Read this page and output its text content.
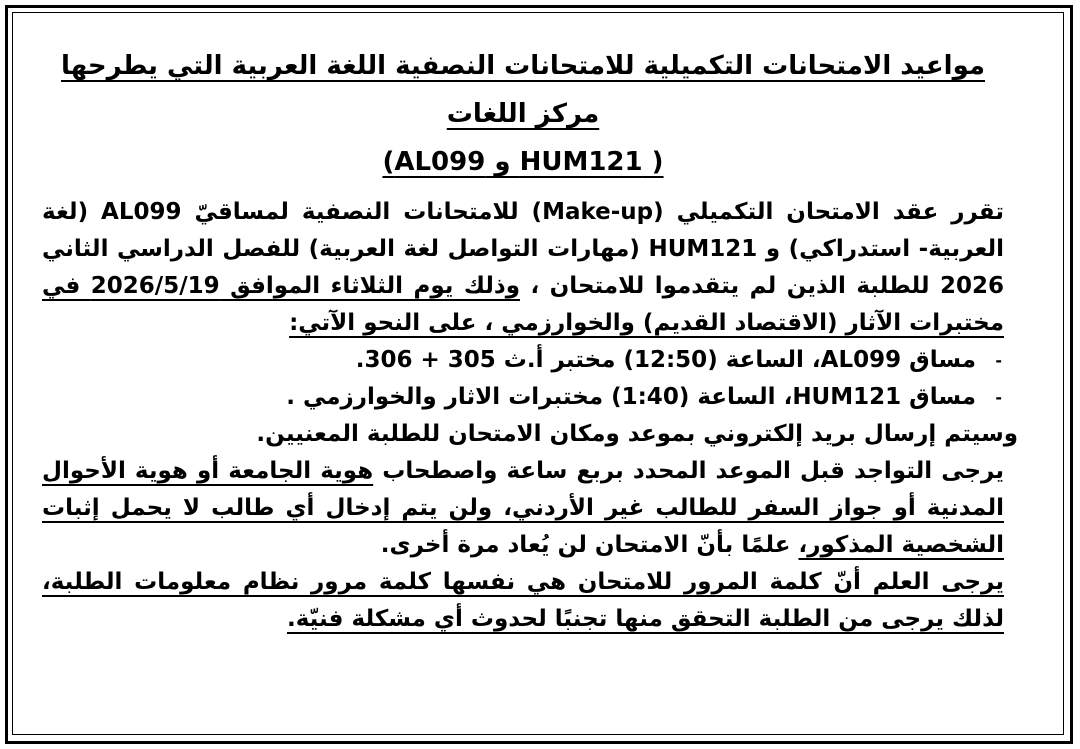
مواعيد الامتحانات التكميلية للامتحانات النصفية اللغة العربية التي يطرحها مركز اللغات
( HUM121 و AL099)

تقرر عقد الامتحان التكميلي (Make-up) للامتحانات النصفية لمساقيّ AL099 (لغة العربية- استدراكي) و HUM121 (مهارات التواصل لغة العربية) للفصل الدراسي الثاني 2026 للطلبة الذين لم يتقدموا للامتحان ، وذلك يوم الثلاثاء الموافق 2026/5/19 في مختبرات الآثار (الاقتصاد القديم) والخوارزمي ، على النحو الآتي:

-
مساق AL099، الساعة (12:50) مختبر أ.ث 305 + 306.
-
مساق HUM121، الساعة (1:40) مختبرات الاثار والخوارزمي .

وسيتم إرسال بريد إلكتروني بموعد ومكان الامتحان للطلبة المعنيين.

يرجى التواجد قبل الموعد المحدد بربع ساعة واصطحاب هوية الجامعة أو هوية الأحوال المدنية أو جواز السفر للطالب غير الأردني، ولن يتم إدخال أي طالب لا يحمل إثبات الشخصية المذكور، علمًا بأنّ الامتحان لن يُعاد مرة أخرى.

يرجى العلم أنّ كلمة المرور للامتحان هي نفسها كلمة مرور نظام معلومات الطلبة، لذلك يرجى من الطلبة التحقق منها تجنبًا لحدوث أي مشكلة فنيّة.
